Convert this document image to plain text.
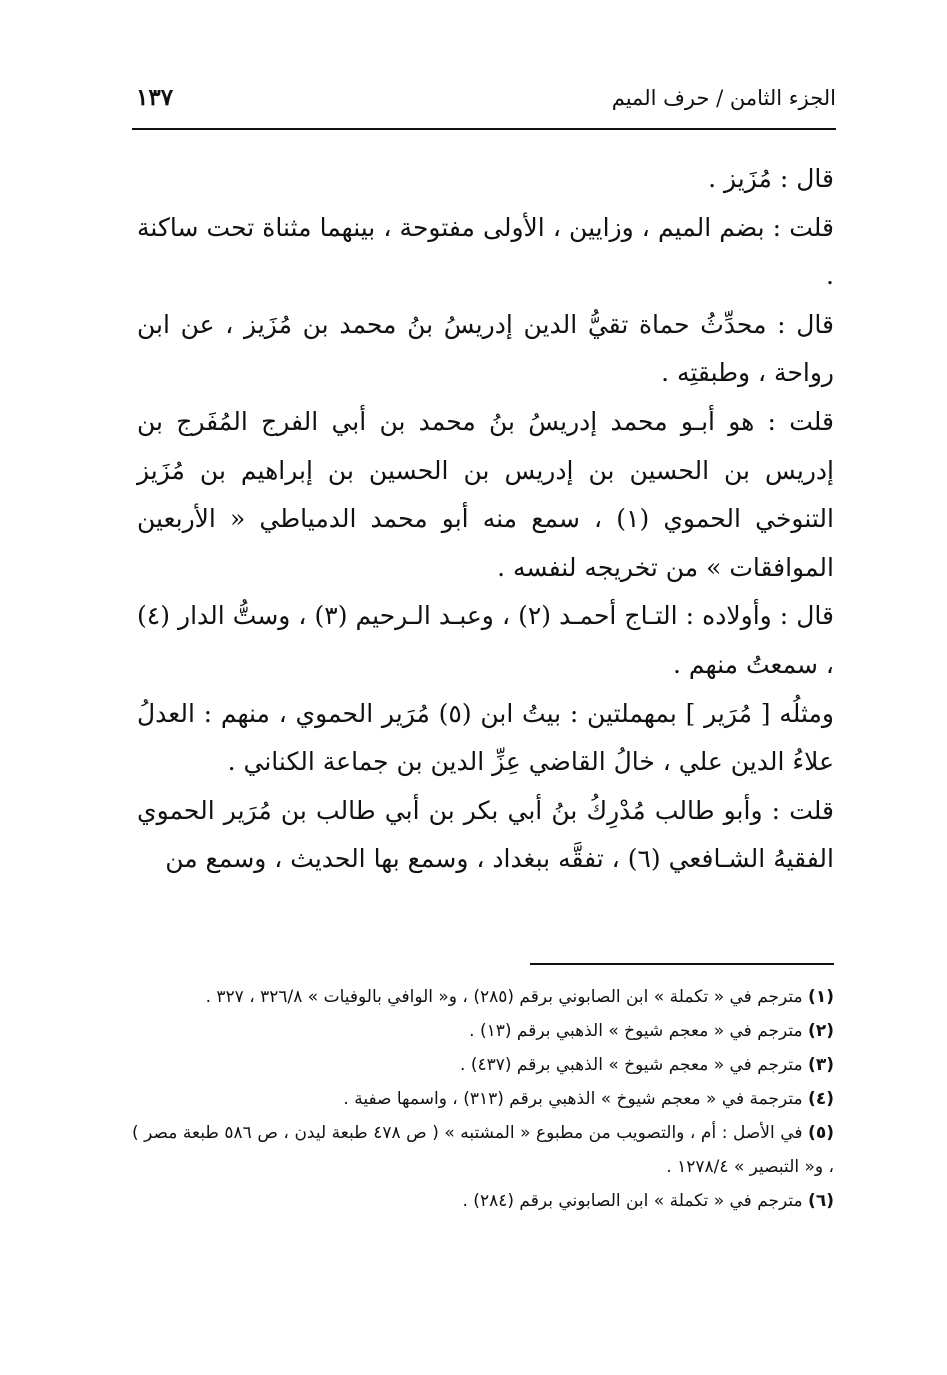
الجزء الثامن / حرف الميم
١٣٧

قال : مُزَيز .

قلت : بضم الميم ، وزايين ، الأولى مفتوحة ، بينهما مثناة تحت ساكنة .

قال : محدِّثُ حماة تقيُّ الدين إدريسُ بنُ محمد بن مُزَيز ، عن ابن رواحة ، وطبقتِه .

قلت : هو أبـو محمد إدريسُ بنُ محمد بن أبي الفرج المُفَرج بن إدريس بن الحسين بن إدريس بن الحسين بن إبراهيم بن مُزَيز التنوخي الحموي (١) ، سمع منه أبو محمد الدمياطي « الأربعين الموافقات » من تخريجه لنفسه .

قال : وأولاده : التـاج أحمـد (٢) ، وعبـد الـرحيم (٣) ، وستُّ الدار (٤) ، سمعتُ منهم .

ومثلُه [ مُرَير ] بمهملتين : بيتُ ابن (٥) مُرَير الحموي ، منهم : العدلُ علاءُ الدين علي ، خالُ القاضي عِزِّ الدين بن جماعة الكناني .

قلت : وأبو طالب مُدْرِكُ بنُ أبي بكر بن أبي طالب بن مُرَير الحموي الفقيهُ الشـافعي (٦) ، تفقَّه ببغداد ، وسمع بها الحديث ، وسمع من

(١) مترجم في « تكملة » ابن الصابوني برقم (٢٨٥) ، و« الوافي بالوفيات » ٣٢٦/٨ ، ٣٢٧ .

(٢) مترجم في « معجم شيوخ » الذهبي برقم (١٣) .

(٣) مترجم في « معجم شيوخ » الذهبي برقم (٤٣٧) .

(٤) مترجمة في « معجم شيوخ » الذهبي برقم (٣١٣) ، واسمها صفية .

(٥) في الأصل : أم ، والتصويب من مطبوع « المشتبه » ( ص ٤٧٨ طبعة ليدن ، ص ٥٨٦ طبعة مصر ) ، و« التبصير » ١٢٧٨/٤ .

(٦) مترجم في « تكملة » ابن الصابوني برقم (٢٨٤) .
